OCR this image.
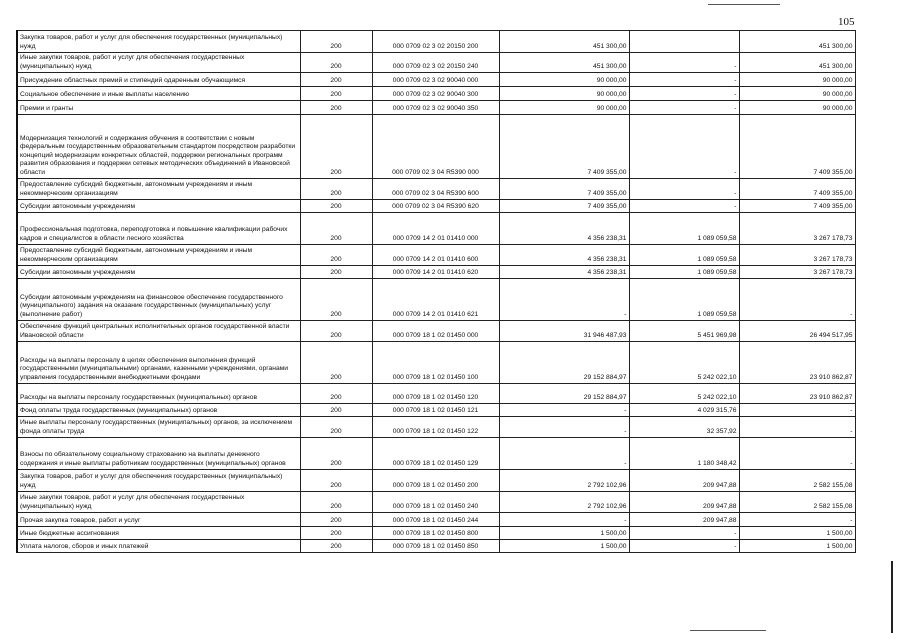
105
Закупка товаров, работ и услуг для обеспечения государственных (муниципальных) нужд	200	000 0709 02 3 02 20150 200	451 300,00		451 300,00
Иные закупки товаров, работ и услуг для обеспечения государственных (муниципальных) нужд	200	000 0709 02 3 02 20150 240	451 300,00	-	451 300,00
Присуждение областных премий и стипендий одаренным обучающимся	200	000 0709 02 3 02 90040 000	90 000,00	-	90 000,00
Социальное обеспечение и иные выплаты населению	200	000 0709 02 3 02 90040 300	90 000,00	-	90 000,00
Премии и гранты	200	000 0709 02 3 02 90040 350	90 000,00	-	90 000,00
Модернизация технологий и содержания обучения в соответствии с новым федеральным государственным образовательным стандартом посредством разработки концепций модернизации конкретных областей, поддержки региональных программ развития образования и поддержки сетевых методических объединений в Ивановской области	200	000 0709 02 3 04 R5390 000	7 409 355,00	-	7 409 355,00
Предоставление субсидий бюджетным, автономным учреждениям и иным некоммерческим организациям	200	000 0709 02 3 04 R5390 600	7 409 355,00	-	7 409 355,00
Субсидии автономным учреждениям	200	000 0709 02 3 04 R5390 620	7 409 355,00	-	7 409 355,00
Профессиональная подготовка, переподготовка и повышение квалификации рабочих кадров и специалистов в области лесного хозяйства	200	000 0709 14 2 01 01410 000	4 356 238,31	1 089 059,58	3 267 178,73
Предоставление субсидий бюджетным, автономным учреждениям и иным некоммерческим организациям	200	000 0709 14 2 01 01410 600	4 356 238,31	1 089 059,58	3 267 178,73
Субсидии автономным учреждениям	200	000 0709 14 2 01 01410 620	4 356 238,31	1 089 059,58	3 267 178,73
Субсидии автономным учреждениям на финансовое обеспечение государственного (муниципального) задания на оказание государственных (муниципальных) услуг (выполнение работ)	200	000 0709 14 2 01 01410 621	-	1 089 059,58	-
Обеспечение функций центральных исполнительных органов государственной власти Ивановской области	200	000 0709 18 1 02 01450 000	31 946 487,93	5 451 969,98	26 494 517,95
Расходы на выплаты персоналу в целях обеспечения выполнения функций государственными (муниципальными) органами, казенными учреждениями, органами управления государственными внебюджетными фондами	200	000 0709 18 1 02 01450 100	29 152 884,97	5 242 022,10	23 910 862,87
Расходы на выплаты персоналу государственных (муниципальных) органов	200	000 0709 18 1 02 01450 120	29 152 884,97	5 242 022,10	23 910 862,87
Фонд оплаты труда государственных (муниципальных) органов	200	000 0709 18 1 02 01450 121	-	4 029 315,76	-
Иные выплаты персоналу государственных (муниципальных) органов, за исключением фонда оплаты труда	200	000 0709 18 1 02 01450 122	-	32 357,92	-
Взносы по обязательному социальному страхованию на выплаты денежного содержания и иные выплаты работникам государственных (муниципальных) органов	200	000 0709 18 1 02 01450 129	-	1 180 348,42	-
Закупка товаров, работ и услуг для обеспечения государственных (муниципальных) нужд	200	000 0709 18 1 02 01450 200	2 792 102,96	209 947,88	2 582 155,08
Иные закупки товаров, работ и услуг для обеспечения государственных (муниципальных) нужд	200	000 0709 18 1 02 01450 240	2 792 102,96	209 947,88	2 582 155,08
Прочая закупка товаров, работ и услуг	200	000 0709 18 1 02 01450 244	-	209 947,88	-
Иные бюджетные ассигнования	200	000 0709 18 1 02 01450 800	1 500,00	-	1 500,00
Уплата налогов, сборов и иных платежей	200	000 0709 18 1 02 01450 850	1 500,00	-	1 500,00
